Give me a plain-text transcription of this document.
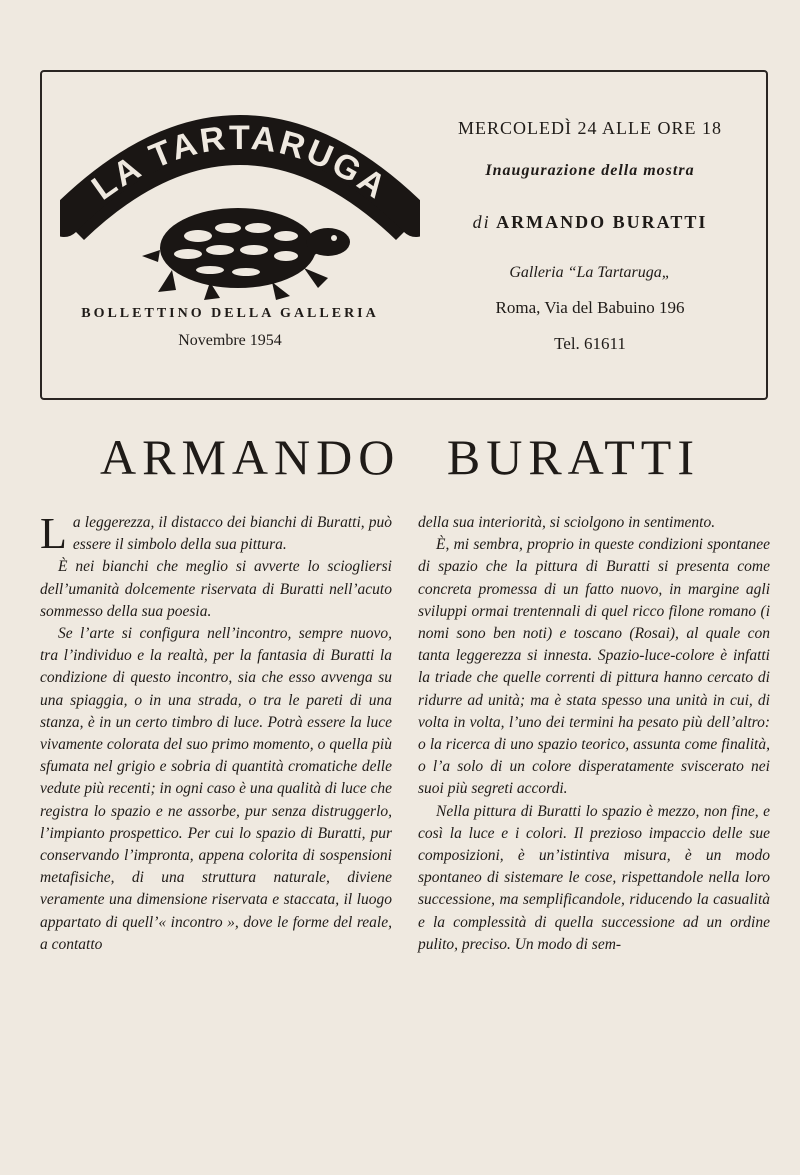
LA TARTARUGA
BOLLETTINO DELLA GALLERIA
Novembre 1954
MERCOLEDÌ 24 ALLE ORE 18
Inaugurazione della mostra
di ARMANDO BURATTI
Galleria “La Tartaruga„
Roma, Via del Babuino 196
Tel. 61611
ARMANDO BURATTI

La leggerezza, il distacco dei bianchi di Buratti, può essere il simbolo della sua pittura.

È nei bianchi che meglio si avverte lo sciogliersi dell’umanità dolcemente riservata di Buratti nell’acuto sommesso della sua poesia.

Se l’arte si configura nell’incontro, sempre nuovo, tra l’individuo e la realtà, per la fantasia di Buratti la condizione di questo incontro, sia che esso avvenga su una spiaggia, o in una strada, o tra le pareti di una stanza, è in un certo timbro di luce. Potrà essere la luce vivamente colorata del suo primo momento, o quella più sfumata nel grigio e sobria di quantità cromatiche delle vedute più recenti; in ogni caso è una qualità di luce che registra lo spazio e ne assorbe, pur senza distruggerlo, l’impianto prospettico. Per cui lo spazio di Buratti, pur conservando l’impronta, appena colorita di sospensioni metafisiche, di una struttura naturale, diviene veramente una dimensione riservata e staccata, il luogo appartato di quell’« incontro », dove le forme del reale, a contatto

della sua interiorità, si sciolgono in sentimento.

È, mi sembra, proprio in queste condizioni spontanee di spazio che la pittura di Buratti si presenta come concreta promessa di un fatto nuovo, in margine agli sviluppi ormai trentennali di quel ricco filone romano (i nomi sono ben noti) e toscano (Rosai), al quale con tanta leggerezza si innesta. Spazio-luce-colore è infatti la triade che quelle correnti di pittura hanno cercato di ridurre ad unità; ma è stata spesso una unità in cui, di volta in volta, l’uno dei termini ha pesato più dell’altro: o la ricerca di uno spazio teorico, assunta come finalità, o l’a solo di un colore disperatamente sviscerato nei suoi più segreti accordi.

Nella pittura di Buratti lo spazio è mezzo, non fine, e così la luce e i colori. Il prezioso impaccio delle sue composizioni, è un’istintiva misura, è un modo spontaneo di sistemare le cose, rispettandole nella loro successione, ma semplificandole, riducendo la casualità e la complessità di quella successione ad un ordine pulito, preciso. Un modo di sem-
